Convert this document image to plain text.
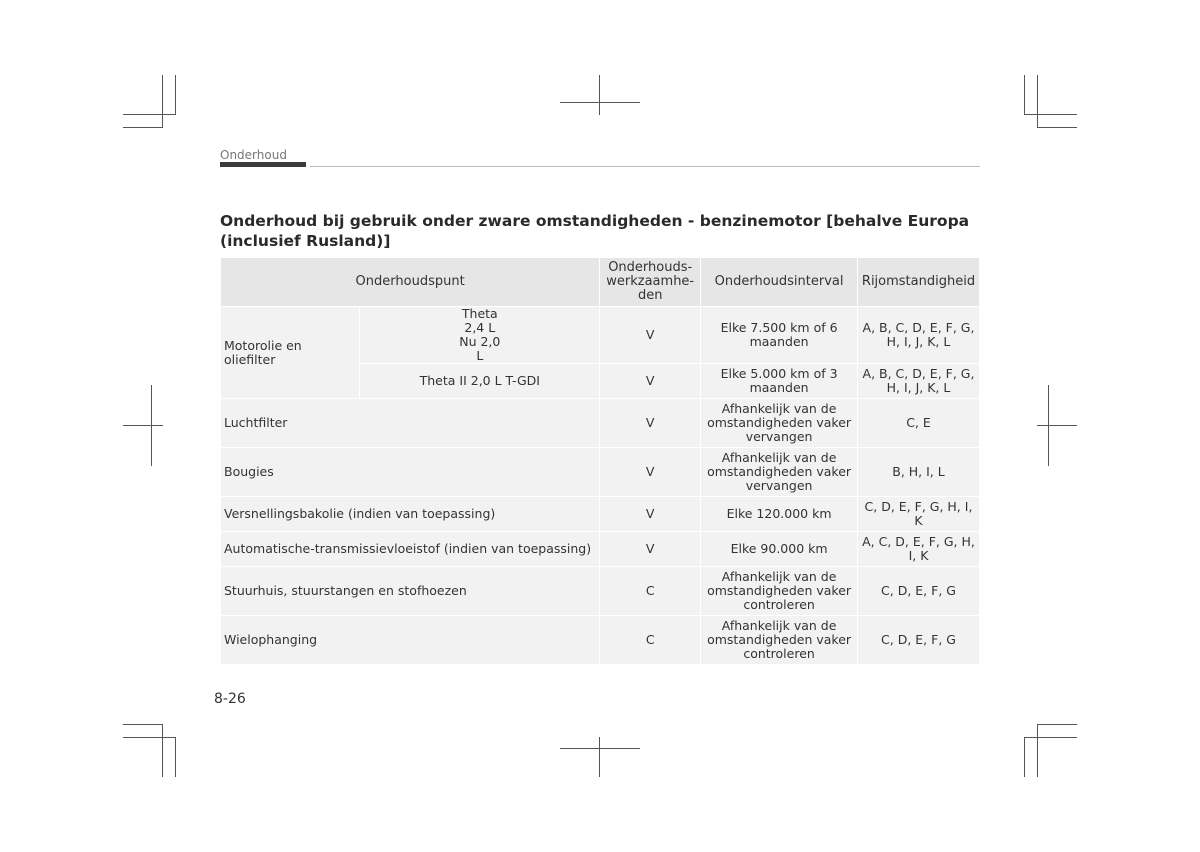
Onderhoud
Onderhoud bij gebruik onder zware omstandigheden - benzinemotor [behalve Europa (inclusief Rusland)]
Onderhoudspunt		Onderhouds-werkzaamhe-den	Onderhoudsinterval	Rijomstandigheid
Motorolie en oliefilter	Theta 2,4 L Nu 2,0 L	V	Elke 7.500 km of 6 maanden	A, B, C, D, E, F, G, H, I, J, K, L
	Theta II 2,0 L T-GDI	V	Elke 5.000 km of 3 maanden	A, B, C, D, E, F, G, H, I, J, K, L
Luchtfilter		V	Afhankelijk van de omstandigheden vaker vervangen	C, E
Bougies		V	Afhankelijk van de omstandigheden vaker vervangen	B, H, I, L
Versnellingsbakolie (indien van toepassing)		V	Elke 120.000 km	C, D, E, F, G, H, I, K
Automatische-transmissievloeistof (indien van toepassing)		V	Elke 90.000 km	A, C, D, E, F, G, H, I, K
Stuurhuis, stuurstangen en stofhoezen		C	Afhankelijk van de omstandigheden vaker controleren	C, D, E, F, G
Wielophanging		C	Afhankelijk van de omstandigheden vaker controleren	C, D, E, F, G
8-26
